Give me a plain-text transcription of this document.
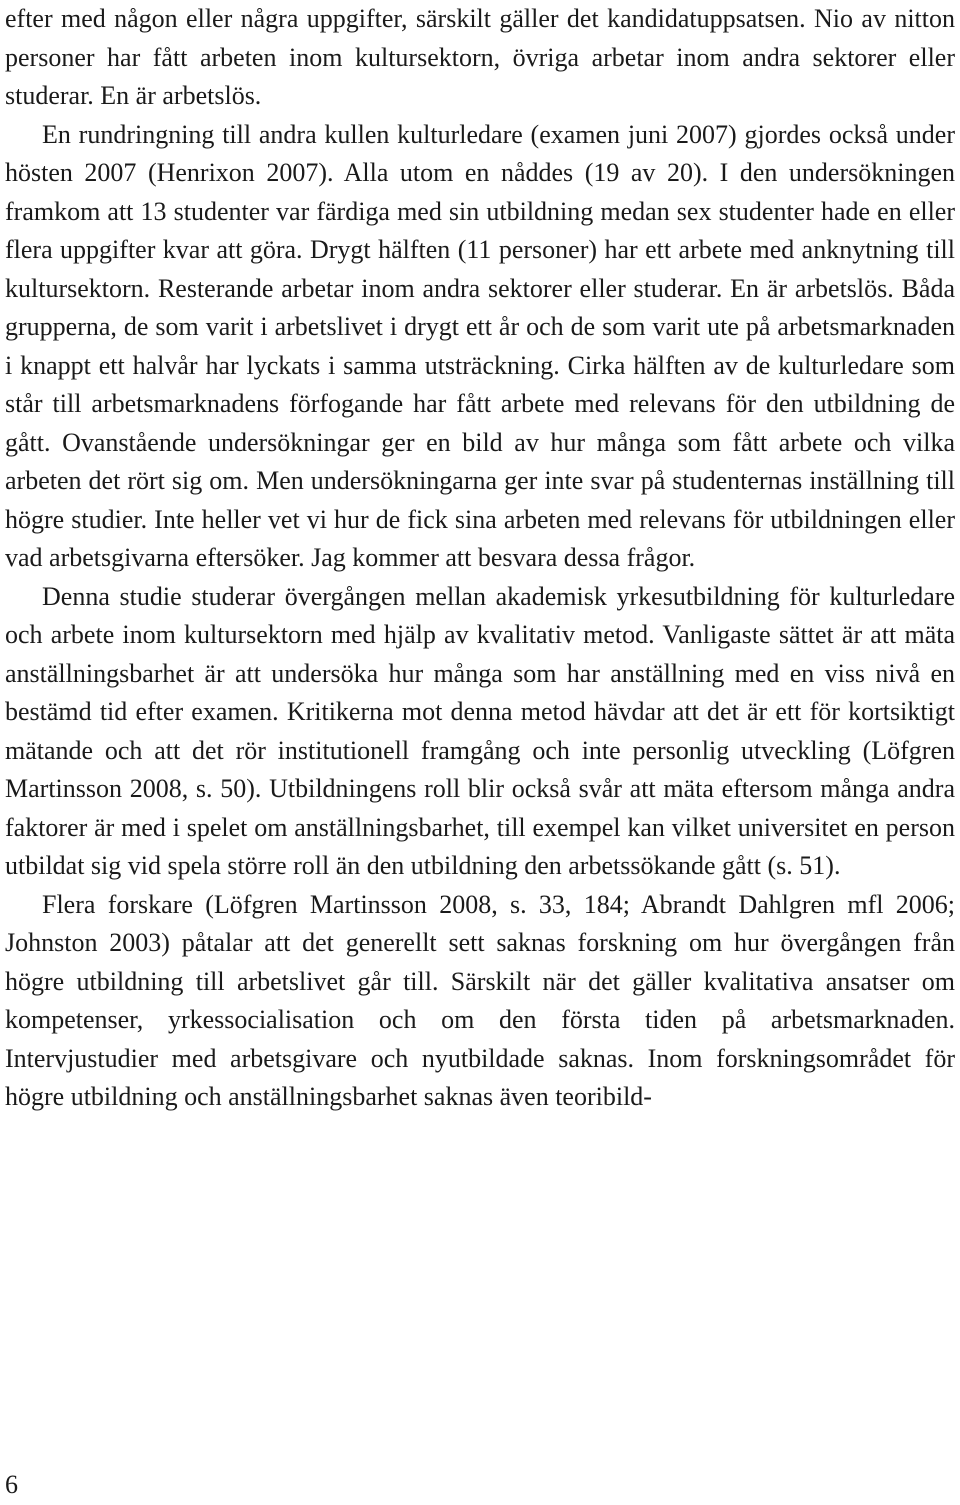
efter med någon eller några uppgifter, särskilt gäller det kandidatuppsatsen. Nio av nitton personer har fått arbeten inom kultursektorn, övriga arbetar inom andra sektorer eller studerar. En är arbetslös.

En rundringning till andra kullen kulturledare (examen juni 2007) gjordes också under hösten 2007 (Henrixon 2007). Alla utom en nåddes (19 av 20). I den undersökningen framkom att 13 studenter var färdiga med sin utbildning medan sex studenter hade en eller flera uppgifter kvar att göra. Drygt hälften (11 personer) har ett arbete med anknytning till kultursektorn. Resterande arbetar inom andra sektorer eller studerar. En är arbetslös. Båda grupperna, de som varit i arbetslivet i drygt ett år och de som varit ute på arbetsmarknaden i knappt ett halvår har lyckats i samma utsträckning. Cirka hälften av de kulturledare som står till arbetsmarknadens förfogande har fått arbete med relevans för den utbildning de gått. Ovanstående undersökningar ger en bild av hur många som fått arbete och vilka arbeten det rört sig om. Men undersökningarna ger inte svar på studenternas inställning till högre studier. Inte heller vet vi hur de fick sina arbeten med relevans för utbildningen eller vad arbetsgivarna eftersöker. Jag kommer att besvara dessa frågor.

Denna studie studerar övergången mellan akademisk yrkesutbildning för kulturledare och arbete inom kultursektorn med hjälp av kvalitativ metod. Vanligaste sättet är att mäta anställningsbarhet är att undersöka hur många som har anställning med en viss nivå en bestämd tid efter examen. Kritikerna mot denna metod hävdar att det är ett för kortsiktigt mätande och att det rör institutionell framgång och inte personlig utveckling (Löfgren Martinsson 2008, s. 50). Utbildningens roll blir också svår att mäta eftersom många andra faktorer är med i spelet om anställningsbarhet, till exempel kan vilket universitet en person utbildat sig vid spela större roll än den utbildning den arbetssökande gått (s. 51).

Flera forskare (Löfgren Martinsson 2008, s. 33, 184; Abrandt Dahlgren mfl 2006; Johnston 2003) påtalar att det generellt sett saknas forskning om hur övergången från högre utbildning till arbetslivet går till. Särskilt när det gäller kvalitativa ansatser om kompetenser, yrkessocialisation och om den första tiden på arbetsmarknaden. Intervjustudier med arbetsgivare och nyutbildade saknas. Inom forskningsområdet för högre utbildning och anställningsbarhet saknas även teoribild-

6
